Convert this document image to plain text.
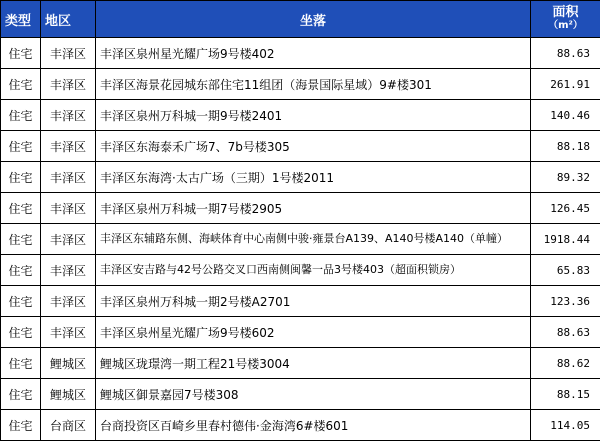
类型	地区	坐落	面积
（m²）

住宅	丰泽区	丰泽区泉州星光耀广场9号楼402	88.63
住宅	丰泽区	丰泽区海景花园城东部住宅11组团（海景国际星域）9#楼301	261.91
住宅	丰泽区	丰泽区泉州万科城一期9号楼2401	140.46
住宅	丰泽区	丰泽区东海泰禾广场7、7b号楼305	88.18
住宅	丰泽区	丰泽区东海湾·太古广场（三期）1号楼2011	89.32
住宅	丰泽区	丰泽区泉州万科城一期7号楼2905	126.45
住宅	丰泽区	丰泽区东辅路东侧、海峡体育中心南侧中骏·雍景台A139、A140号楼A140（单幢）	1918.44
住宅	丰泽区	丰泽区安吉路与42号公路交叉口西南侧闽馨一品3号楼403（超面积锁房）	65.83
住宅	丰泽区	丰泽区泉州万科城一期2号楼A2701	123.36
住宅	丰泽区	丰泽区泉州星光耀广场9号楼602	88.63
住宅	鲤城区	鲤城区珑璟湾一期工程21号楼3004	88.62
住宅	鲤城区	鲤城区御景嘉园7号楼308	88.15
住宅	台商区	台商投资区百崎乡里春村德伟·金海湾6#楼601	114.05
